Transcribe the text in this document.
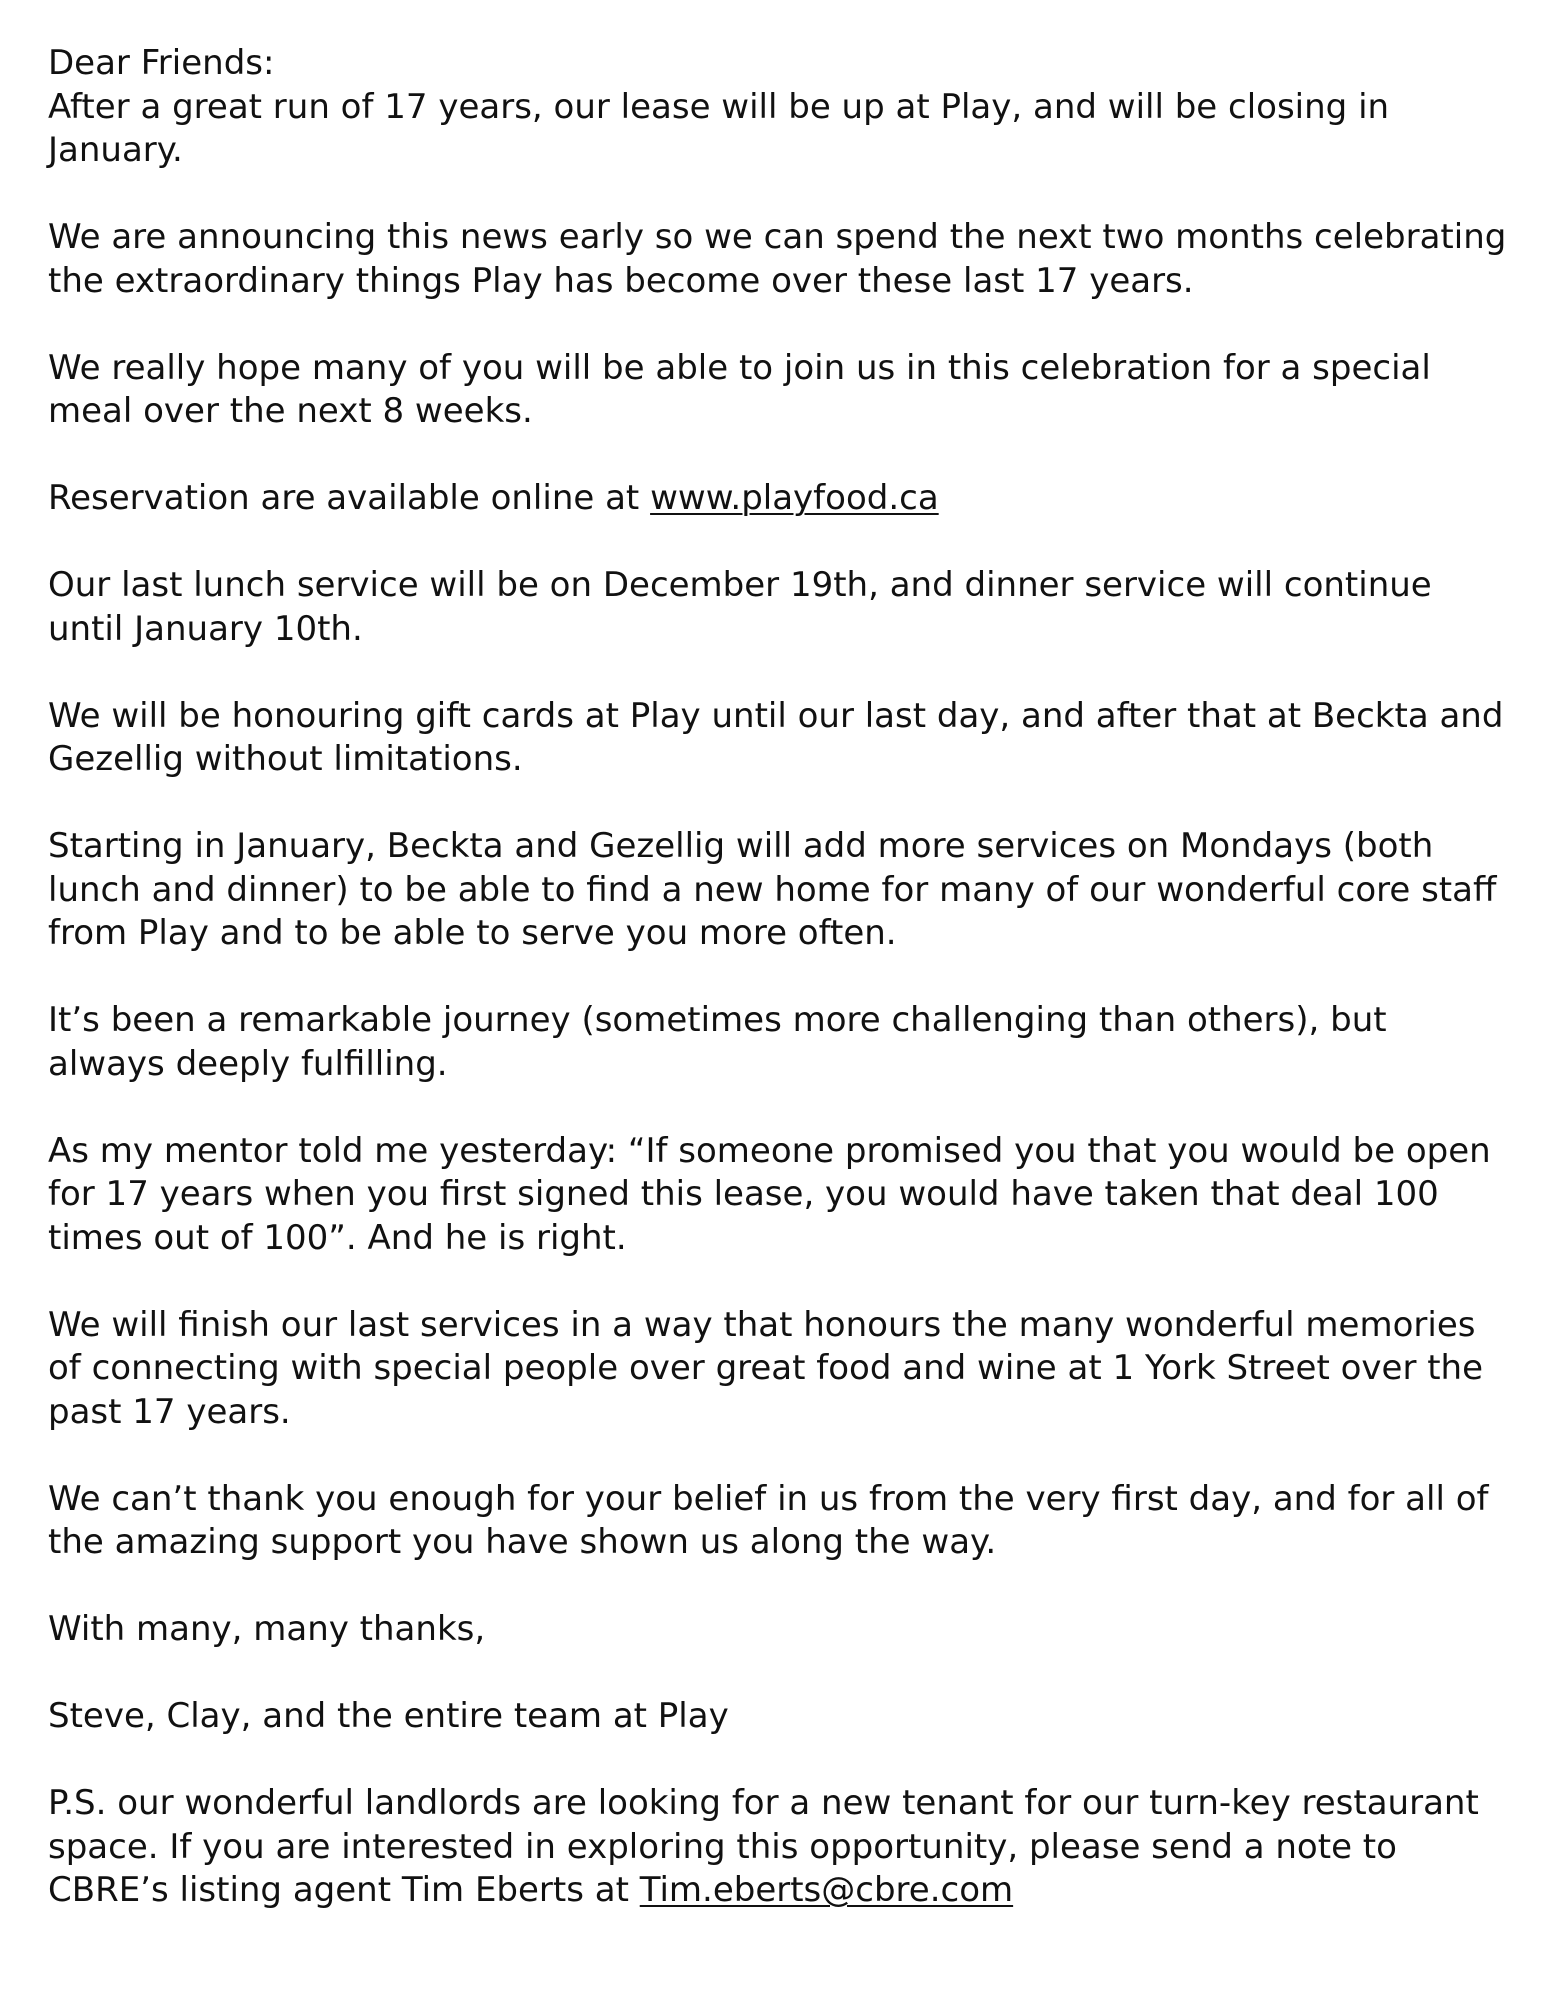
Dear Friends:

After a great run of 17 years, our lease will be up at Play, and will be closing in January.

We are announcing this news early so we can spend the next two months celebrating the extraordinary things Play has become over these last 17 years.

We really hope many of you will be able to join us in this celebration for a special meal over the next 8 weeks.

Reservation are available online at www.playfood.ca

Our last lunch service will be on December 19th, and dinner service will continue until January 10th.

We will be honouring gift cards at Play until our last day, and after that at Beckta and Gezellig without limitations.

Starting in January, Beckta and Gezellig will add more services on Mondays (both lunch and dinner) to be able to find a new home for many of our wonderful core staff from Play and to be able to serve you more often.

It’s been a remarkable journey (sometimes more challenging than others), but always deeply fulfilling.

As my mentor told me yesterday: “If someone promised you that you would be open for 17 years when you first signed this lease, you would have taken that deal 100 times out of 100”. And he is right.

We will finish our last services in a way that honours the many wonderful memories of connecting with special people over great food and wine at 1 York Street over the past 17 years.

We can’t thank you enough for your belief in us from the very first day, and for all of the amazing support you have shown us along the way.

With many, many thanks,

Steve, Clay, and the entire team at Play

P.S. our wonderful landlords are looking for a new tenant for our turn-key restaurant space. If you are interested in exploring this opportunity, please send a note to CBRE’s listing agent Tim Eberts at Tim.eberts@cbre.com
